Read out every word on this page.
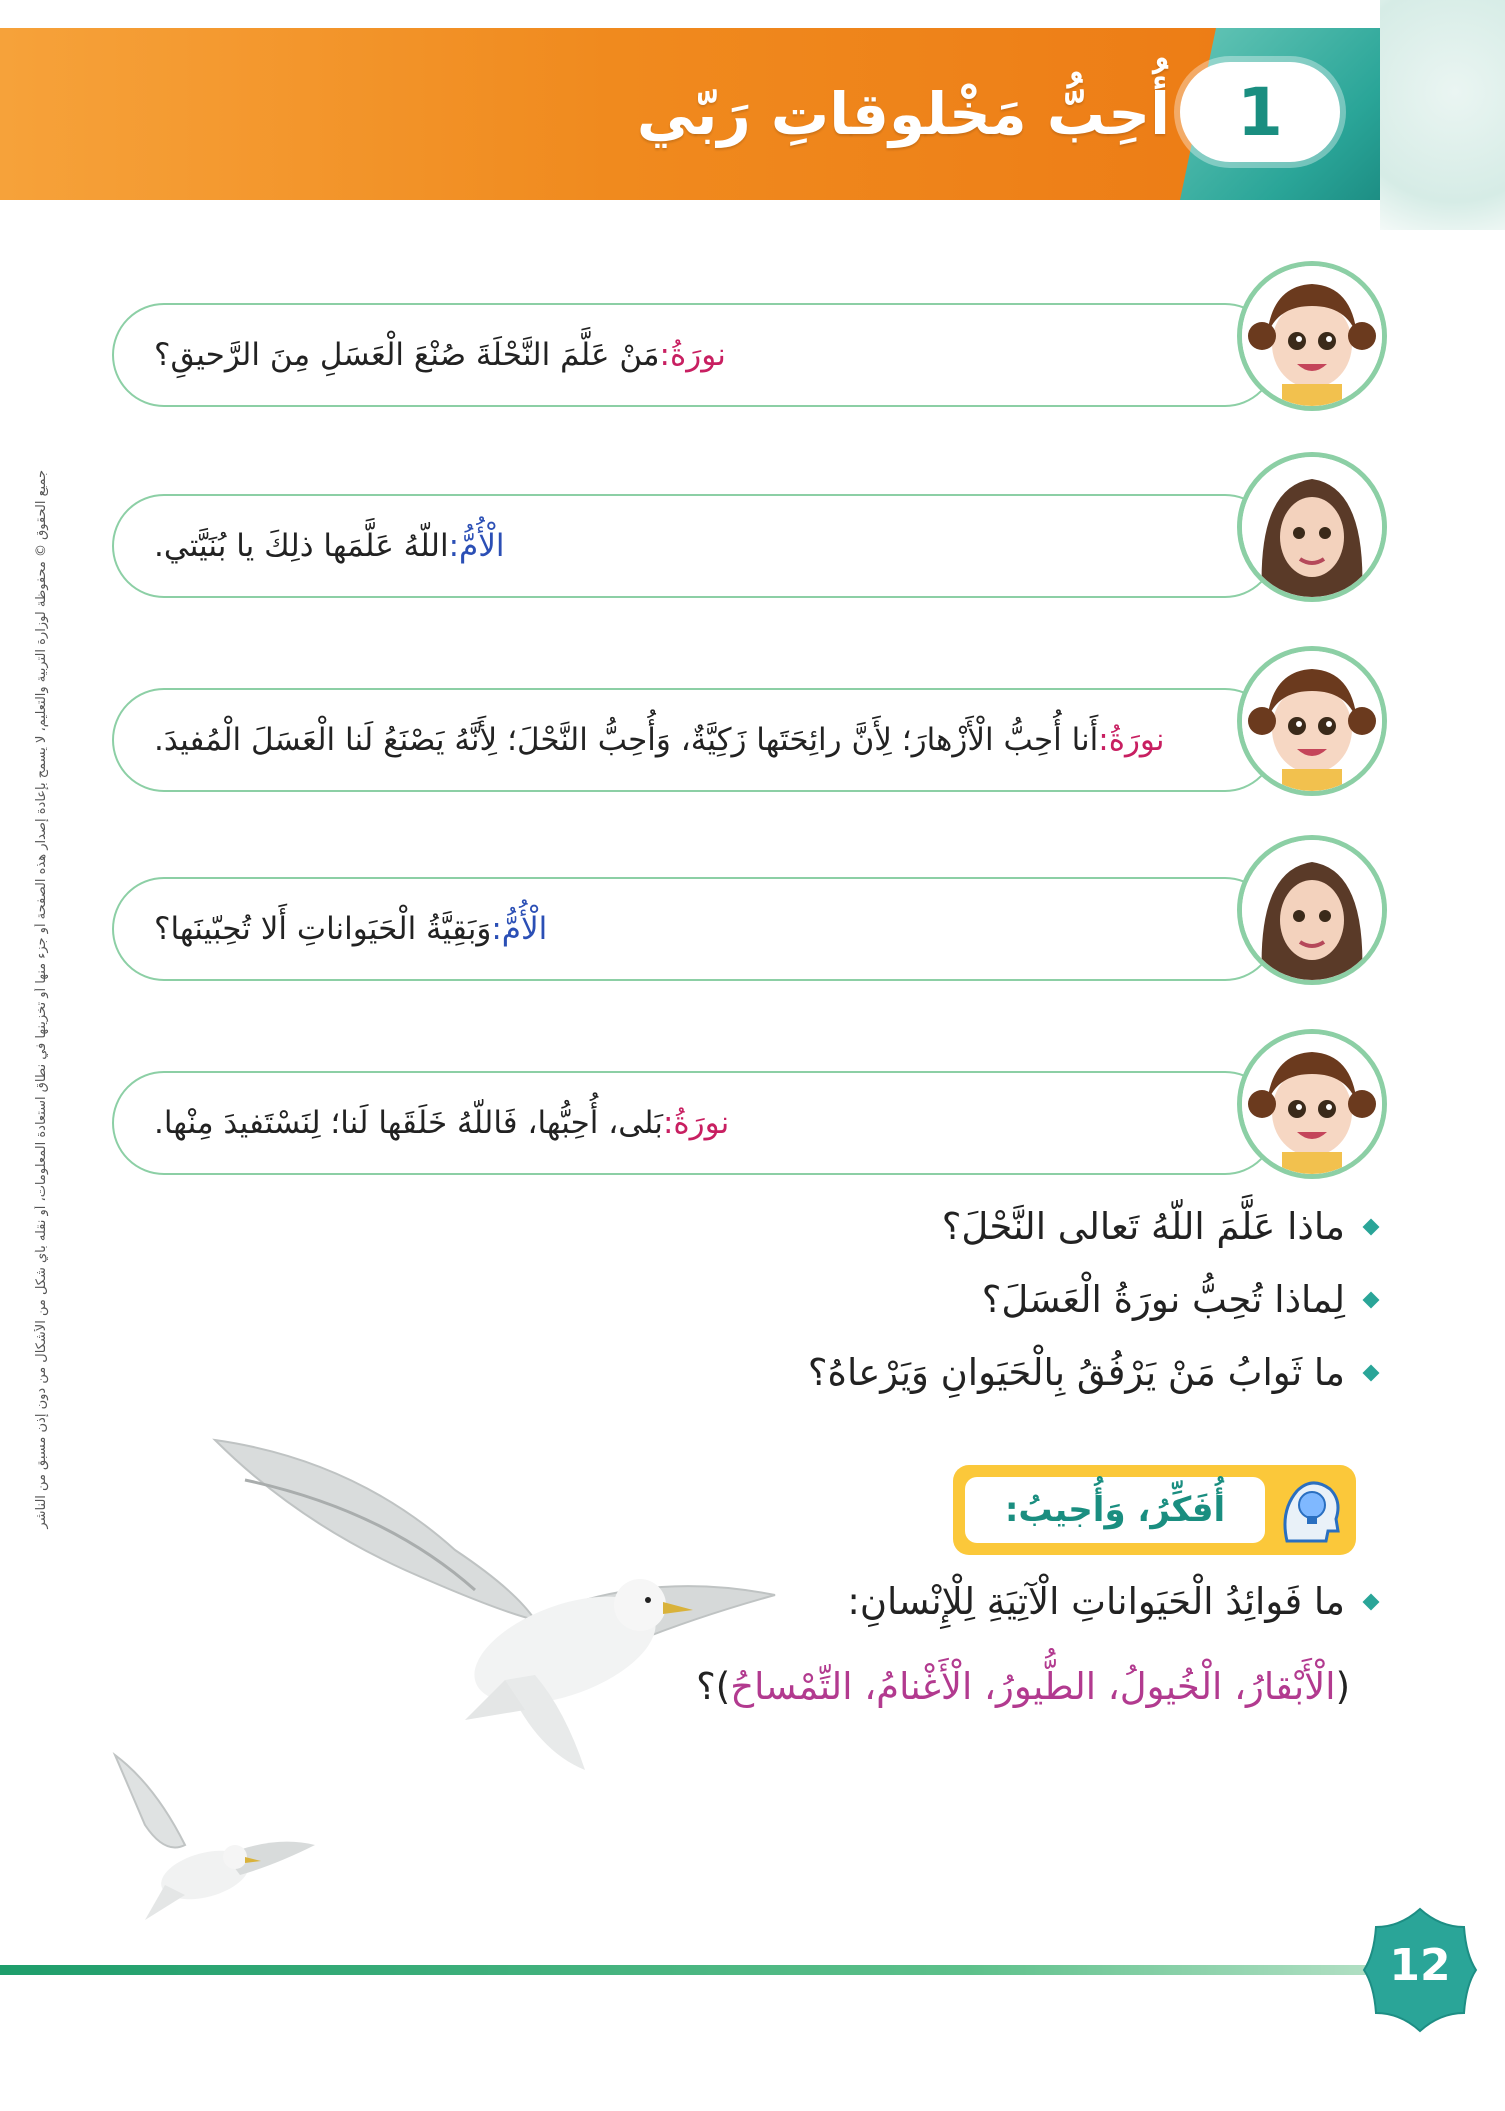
1
أُحِبُّ مَخْلوقاتِ رَبّي
جميع الحقوق © محفوظة لوزارة التربية والتعليم، لا يسمح بإعادة إصدار هذه الصفحة أو جزء منها أو تخزينها في نطاق استعادة المعلومات، أو نقله بأي شكل من الأشكال من دون إذن مسبق من الناشر
نورَةُ:
مَنْ عَلَّمَ النَّحْلَةَ صُنْعَ الْعَسَلِ مِنَ الرَّحيقِ؟
الْأُمُّ:
اللّهُ عَلَّمَها ذلِكَ يا بُنَيَّتي.
نورَةُ:
أَنا أُحِبُّ الْأَزْهارَ؛ لِأَنَّ رائِحَتَها زَكِيَّةٌ، وَأُحِبُّ النَّحْلَ؛ لِأَنَّهُ يَصْنَعُ لَنا الْعَسَلَ الْمُفيدَ.
الْأُمُّ:
وَبَقِيَّةُ الْحَيَواناتِ أَلا تُحِبّينَها؟
نورَةُ:
بَلى، أُحِبُّها، فَاللّهُ خَلَقَها لَنا؛ لِنَسْتَفيدَ مِنْها.
ماذا عَلَّمَ اللّهُ تَعالى النَّحْلَ؟
لِماذا تُحِبُّ نورَةُ الْعَسَلَ؟
ما ثَوابُ مَنْ يَرْفُقُ بِالْحَيَوانِ وَيَرْعاهُ؟
أُفَكِّرُ، وَأُجيبُ:
ما فَوائِدُ الْحَيَواناتِ الْآتِيَةِ لِلْإِنْسانِ:
(الْأَبْقارُ، الْخُيولُ، الطُّيورُ، الْأَغْنامُ، التِّمْساحُ)؟
12
